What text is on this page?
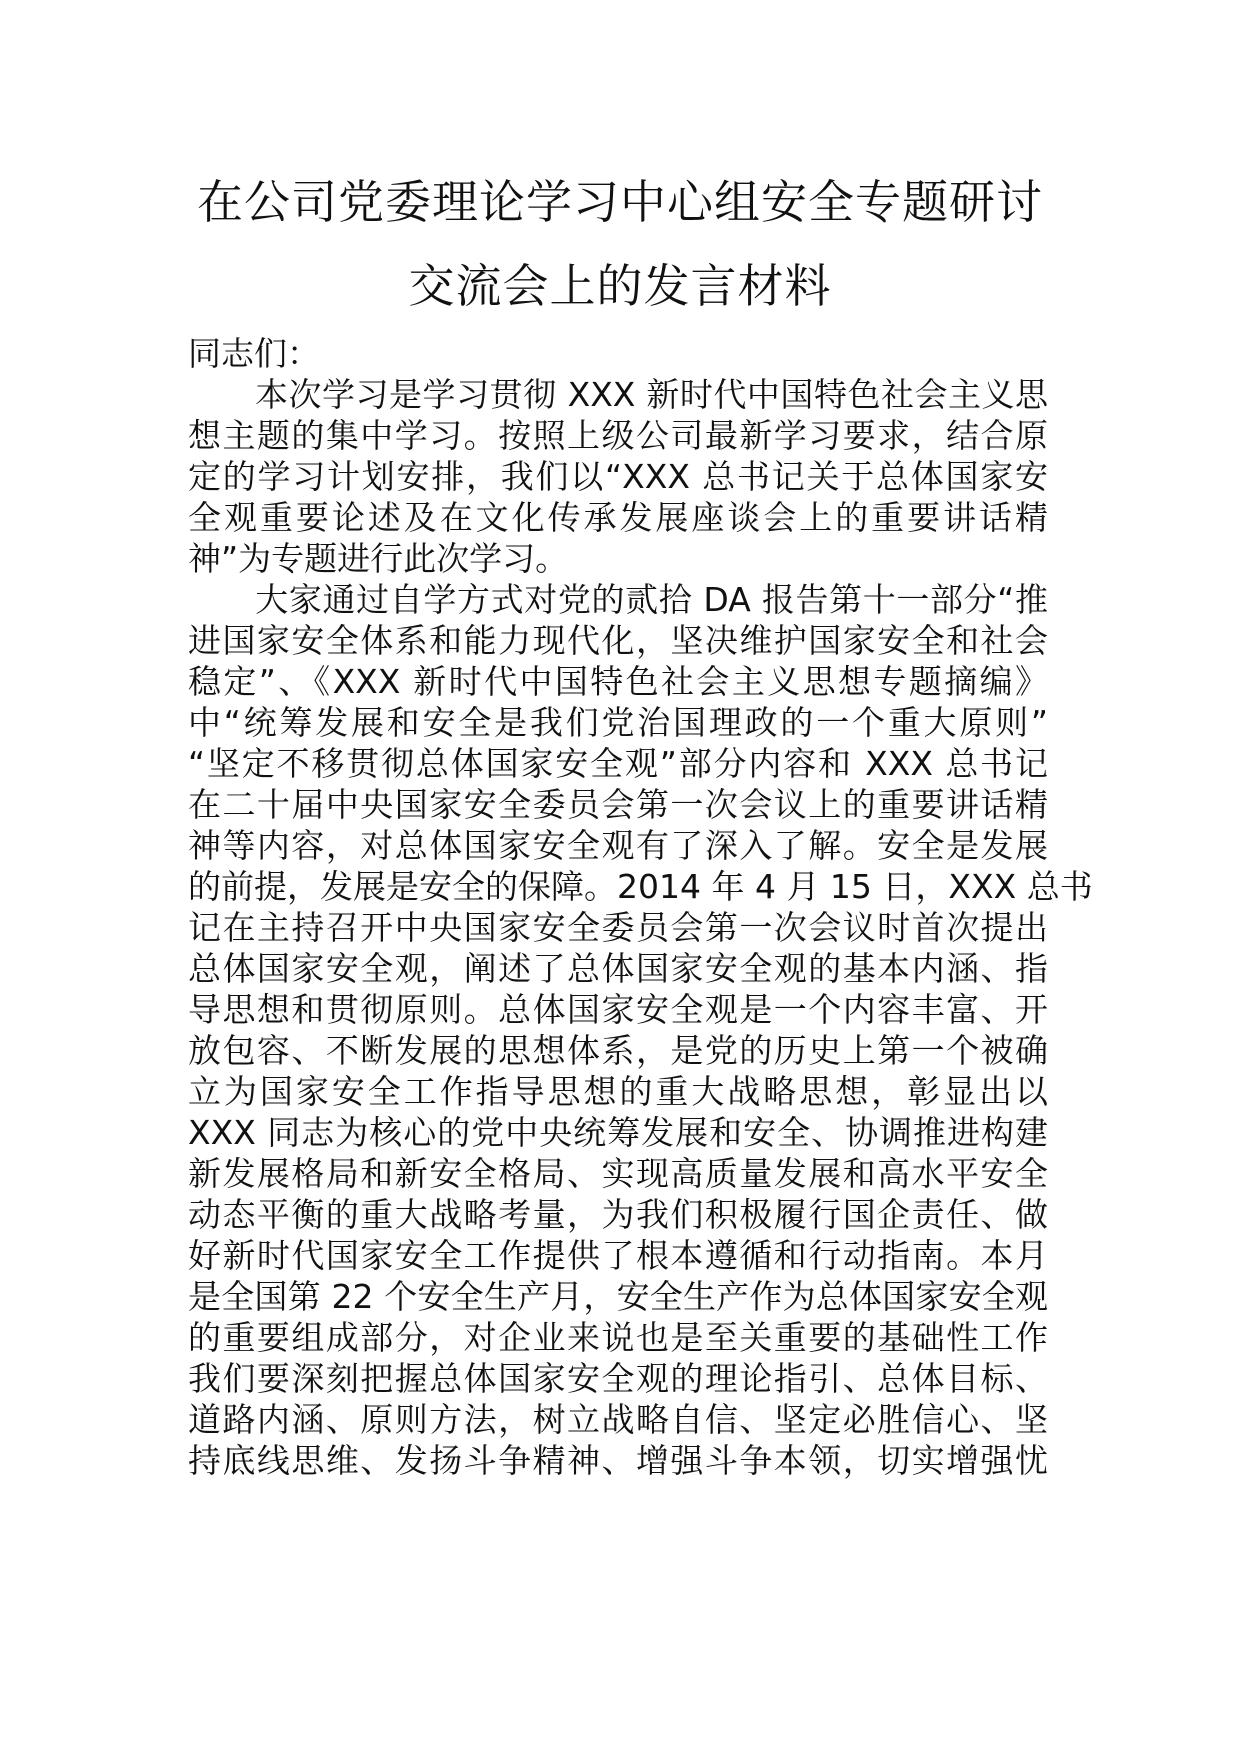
在公司党委理论学习中心组安全专题研讨
交流会上的发言材料
同志们：
　　本次学习是学习贯彻 XXX 新时代中国特色社会主义思
想主题的集中学习。按照上级公司最新学习要求，结合原
定的学习计划安排，我们以“XXX 总书记关于总体国家安
全观重要论述及在文化传承发展座谈会上的重要讲话精
神”为专题进行此次学习。
　　大家通过自学方式对党的贰拾 DA 报告第十一部分“推
进国家安全体系和能力现代化，坚决维护国家安全和社会
稳定”、《XXX 新时代中国特色社会主义思想专题摘编》
中“统筹发展和安全是我们党治国理政的一个重大原则”
“坚定不移贯彻总体国家安全观”部分内容和 XXX 总书记
在二十届中央国家安全委员会第一次会议上的重要讲话精
神等内容，对总体国家安全观有了深入了解。安全是发展
的前提，发展是安全的保障。2014 年 4 月 15 日，XXX 总书
记在主持召开中央国家安全委员会第一次会议时首次提出
总体国家安全观，阐述了总体国家安全观的基本内涵、指
导思想和贯彻原则。总体国家安全观是一个内容丰富、开
放包容、不断发展的思想体系，是党的历史上第一个被确
立为国家安全工作指导思想的重大战略思想，彰显出以
XXX 同志为核心的党中央统筹发展和安全、协调推进构建
新发展格局和新安全格局、实现高质量发展和高水平安全
动态平衡的重大战略考量，为我们积极履行国企责任、做
好新时代国家安全工作提供了根本遵循和行动指南。本月
是全国第 22 个安全生产月，安全生产作为总体国家安全观
的重要组成部分，对企业来说也是至关重要的基础性工作
我们要深刻把握总体国家安全观的理论指引、总体目标、
道路内涵、原则方法，树立战略自信、坚定必胜信心、坚
持底线思维、发扬斗争精神、增强斗争本领，切实增强忧
